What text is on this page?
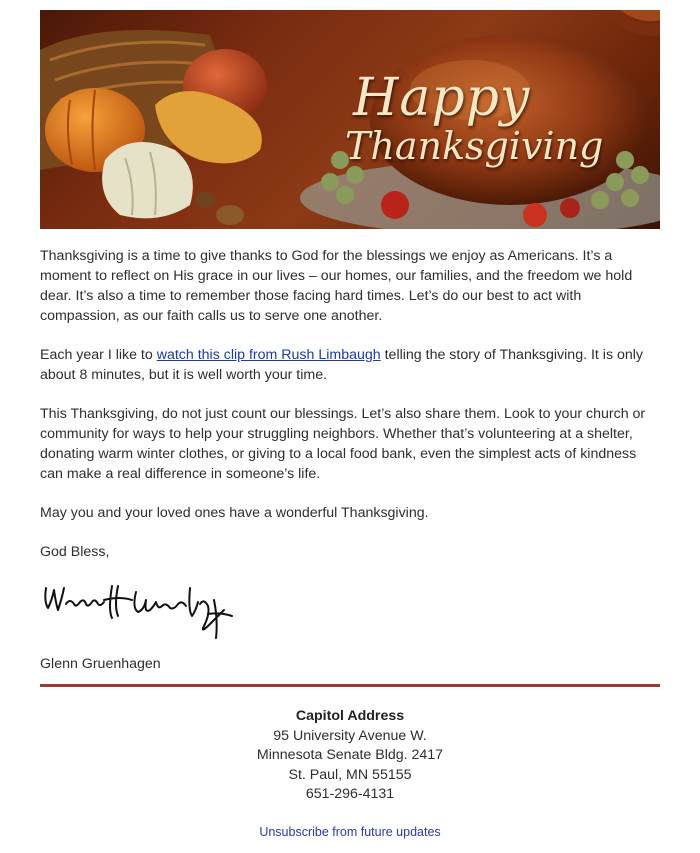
Happy
Thanksgiving

Thanksgiving is a time to give thanks to God for the blessings we enjoy as Americans. It’s a moment to reflect on His grace in our lives – our homes, our families, and the freedom we hold dear. It’s also a time to remember those facing hard times. Let’s do our best to act with compassion, as our faith calls us to serve one another.

Each year I like to watch this clip from Rush Limbaugh telling the story of Thanksgiving. It is only about 8 minutes, but it is well worth your time.

This Thanksgiving, do not just count our blessings. Let’s also share them. Look to your church or community for ways to help your struggling neighbors. Whether that’s volunteering at a shelter, donating warm winter clothes, or giving to a local food bank, even the simplest acts of kindness can make a real difference in someone’s life.

May you and your loved ones have a wonderful Thanksgiving.

God Bless,

Glenn Gruenhagen
Capitol Address
95 University Avenue W.
Minnesota Senate Bldg. 2417
St. Paul, MN 55155
651-296-4131
Unsubscribe from future updates
